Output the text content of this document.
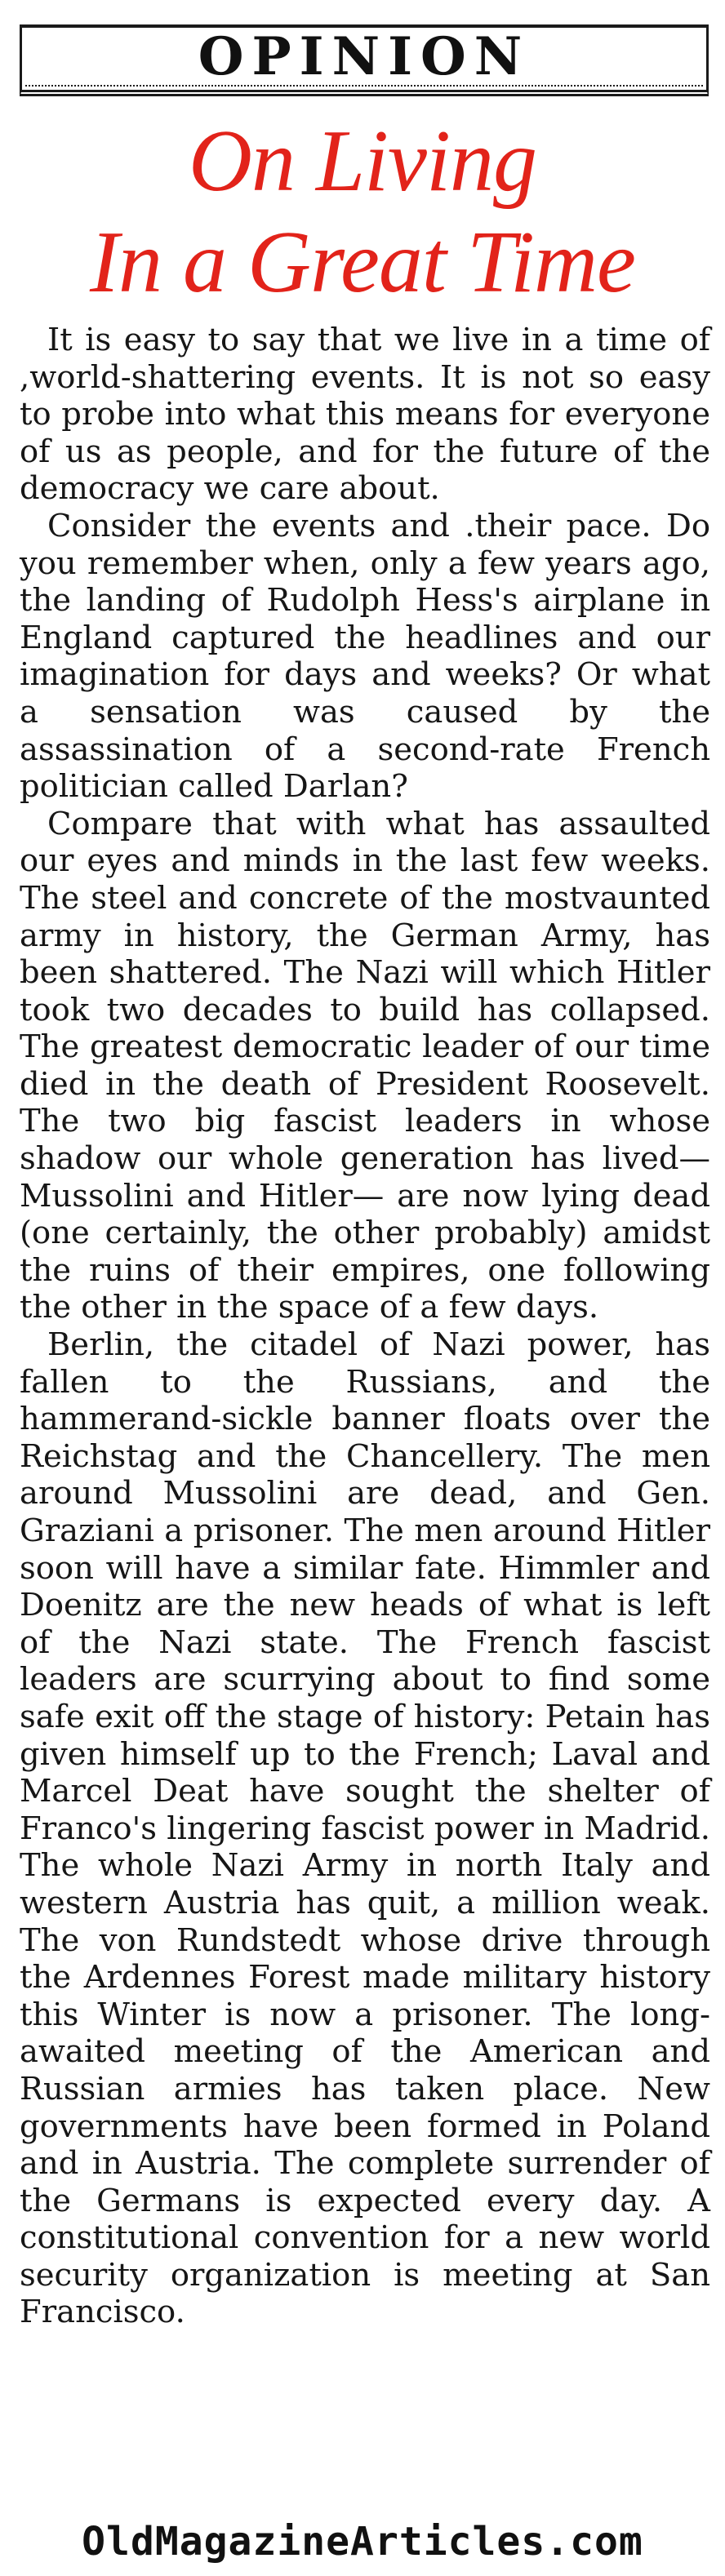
OPINION
On Living
In a Great Time

It is easy to say that we live in a time of ,world-shattering events. It is not so easy to probe into what this means for everyone of us as people, and for the future of the democracy we care about.

Consider the events and .their pace. Do you remember when, only a few years ago, the landing of Rudolph Hess's airplane in England captured the headlines and our imagination for days and weeks? Or what a sensation was caused by the assassination of a second-rate French politician called Darlan?

Compare that with what has assaulted our eyes and minds in the last few weeks. The steel and concrete of the mostvaunted army in history, the German Army, has been shattered. The Nazi will which Hitler took two decades to build has collapsed. The greatest democratic leader of our time died in the death of President Roosevelt. The two big fascist leaders in whose shadow our whole generation has lived—Mussolini and Hitler— are now lying dead (one certainly, the other probably) amidst the ruins of their empires, one following the other in the space of a few days.

Berlin, the citadel of Nazi power, has fallen to the Russians, and the hammerand-sickle banner floats over the Reichstag and the Chancellery. The men around Mussolini are dead, and Gen. Graziani a prisoner. The men around Hitler soon will have a similar fate. Himmler and Doenitz are the new heads of what is left of the Nazi state. The French fascist leaders are scurrying about to find some safe exit off the stage of history: Petain has given himself up to the French; Laval and Marcel Deat have sought the shelter of Franco's lingering fascist power in Madrid. The whole Nazi Army in north Italy and western Austria has quit, a million weak. The von Rundstedt whose drive through the Ardennes Forest made military history this Winter is now a prisoner. The long-awaited meeting of the American and Russian armies has taken place. New governments have been formed in Poland and in Austria. The complete surrender of the Germans is expected every day. A constitutional convention for a new world security organization is meeting at San Francisco.

OldMagazineArticles.com
